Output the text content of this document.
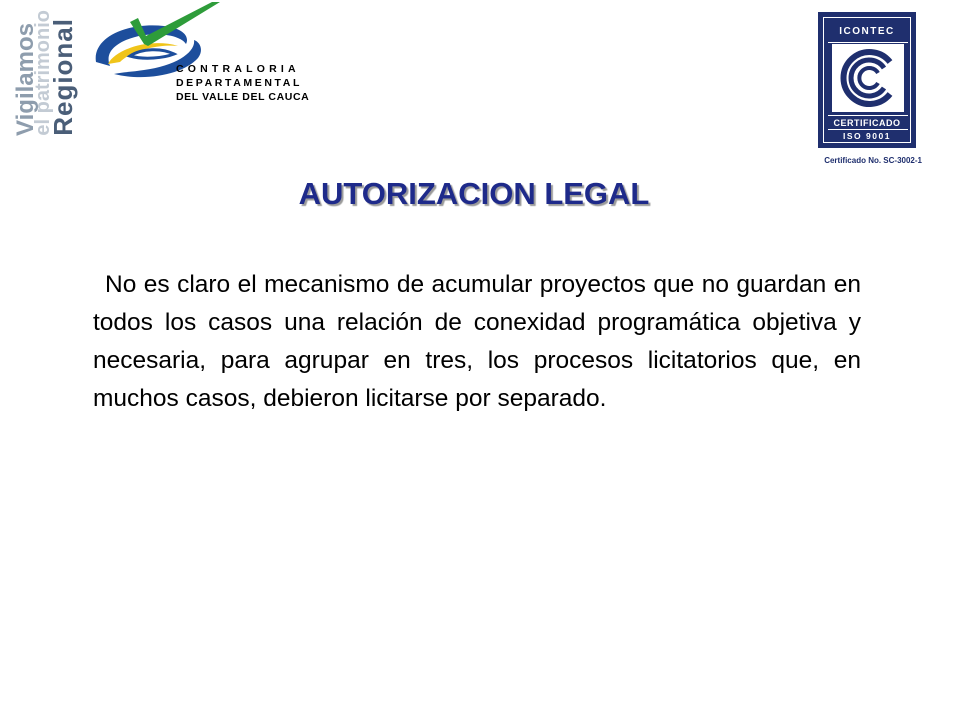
Vigilamos
el patrimonio
Regional	CONTRALORIA
DEPARTAMENTAL
DEL VALLE DEL CAUCA
ICONTEC
CERTIFICADO
ISO 9001
Certificado No. SC-3002-1
AUTORIZACION LEGAL
No es claro el mecanismo de acumular proyectos que no guardan en todos los casos una relación de conexidad programática objetiva y necesaria, para agrupar en tres, los procesos licitatorios que, en muchos casos, debieron licitarse por separado.
